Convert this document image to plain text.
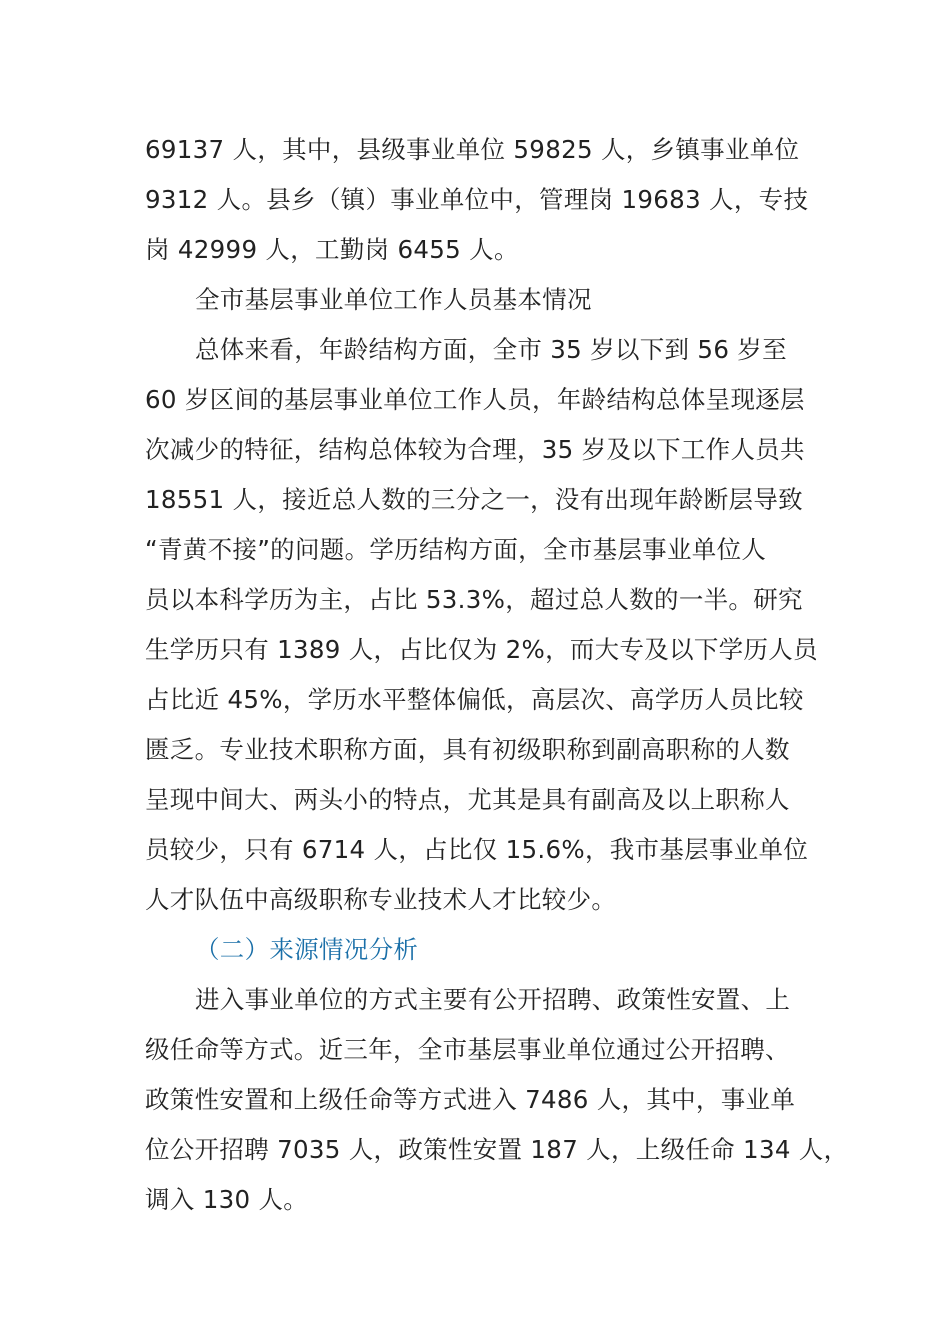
69137 人，其中，县级事业单位 59825 人，乡镇事业单位
9312 人。县乡（镇）事业单位中，管理岗 19683 人，专技
岗 42999 人，工勤岗 6455 人。
全市基层事业单位工作人员基本情况
总体来看，年龄结构方面，全市 35 岁以下到 56 岁至
60 岁区间的基层事业单位工作人员，年龄结构总体呈现逐层
次减少的特征，结构总体较为合理，35 岁及以下工作人员共
18551 人，接近总人数的三分之一，没有出现年龄断层导致
“青黄不接”的问题。学历结构方面，全市基层事业单位人
员以本科学历为主，占比 53.3%，超过总人数的一半。研究
生学历只有 1389 人，占比仅为 2%，而大专及以下学历人员
占比近 45%，学历水平整体偏低，高层次、高学历人员比较
匮乏。专业技术职称方面，具有初级职称到副高职称的人数
呈现中间大、两头小的特点，尤其是具有副高及以上职称人
员较少，只有 6714 人，占比仅 15.6%，我市基层事业单位
人才队伍中高级职称专业技术人才比较少。
（二）来源情况分析
进入事业单位的方式主要有公开招聘、政策性安置、上
级任命等方式。近三年，全市基层事业单位通过公开招聘、
政策性安置和上级任命等方式进入 7486 人，其中，事业单
位公开招聘 7035 人，政策性安置 187 人，上级任命 134 人，
调入 130 人。
